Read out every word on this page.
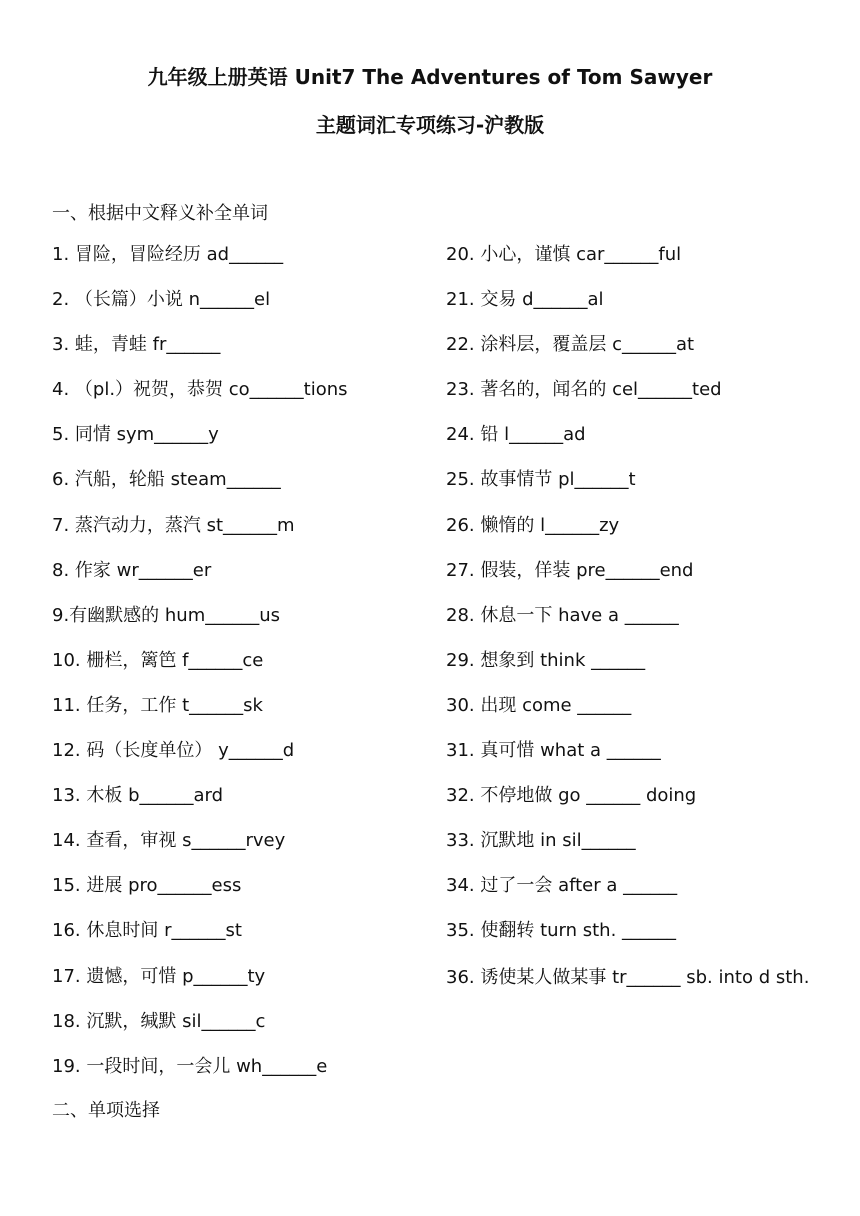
九年级上册英语 Unit7 The Adventures of Tom Sawyer
主题词汇专项练习-沪教版
一、根据中文释义补全单词
1. 冒险，冒险经历 ad______
2. （长篇）小说 n______el
3. 蛙，青蛙 fr______
4. （pl.）祝贺，恭贺 co______tions
5. 同情 sym______y
6. 汽船，轮船 steam______
7. 蒸汽动力，蒸汽 st______m
8. 作家 wr______er
9.有幽默感的 hum______us
10. 栅栏，篱笆 f______ce
11. 任务，工作 t______sk
12. 码（长度单位） y______d
13. 木板 b______ard
14. 查看，审视 s______rvey
15. 进展 pro______ess
16. 休息时间 r______st
17. 遗憾，可惜 p______ty
18. 沉默，缄默 sil______c
19. 一段时间，一会儿 wh______e
20. 小心，谨慎 car______ful
21. 交易 d______al
22. 涂料层，覆盖层 c______at
23. 著名的，闻名的 cel______ted
24. 铅 l______ad
25. 故事情节 pl______t
26. 懒惰的 l______zy
27. 假装，佯装 pre______end
28. 休息一下 have a ______
29. 想象到 think ______
30. 出现 come ______
31. 真可惜 what a ______
32. 不停地做 go ______ doing
33. 沉默地 in sil______
34. 过了一会 after a ______
35. 使翻转 turn sth. ______
36. 诱使某人做某事 tr______ sb. into d sth.
二、单项选择
